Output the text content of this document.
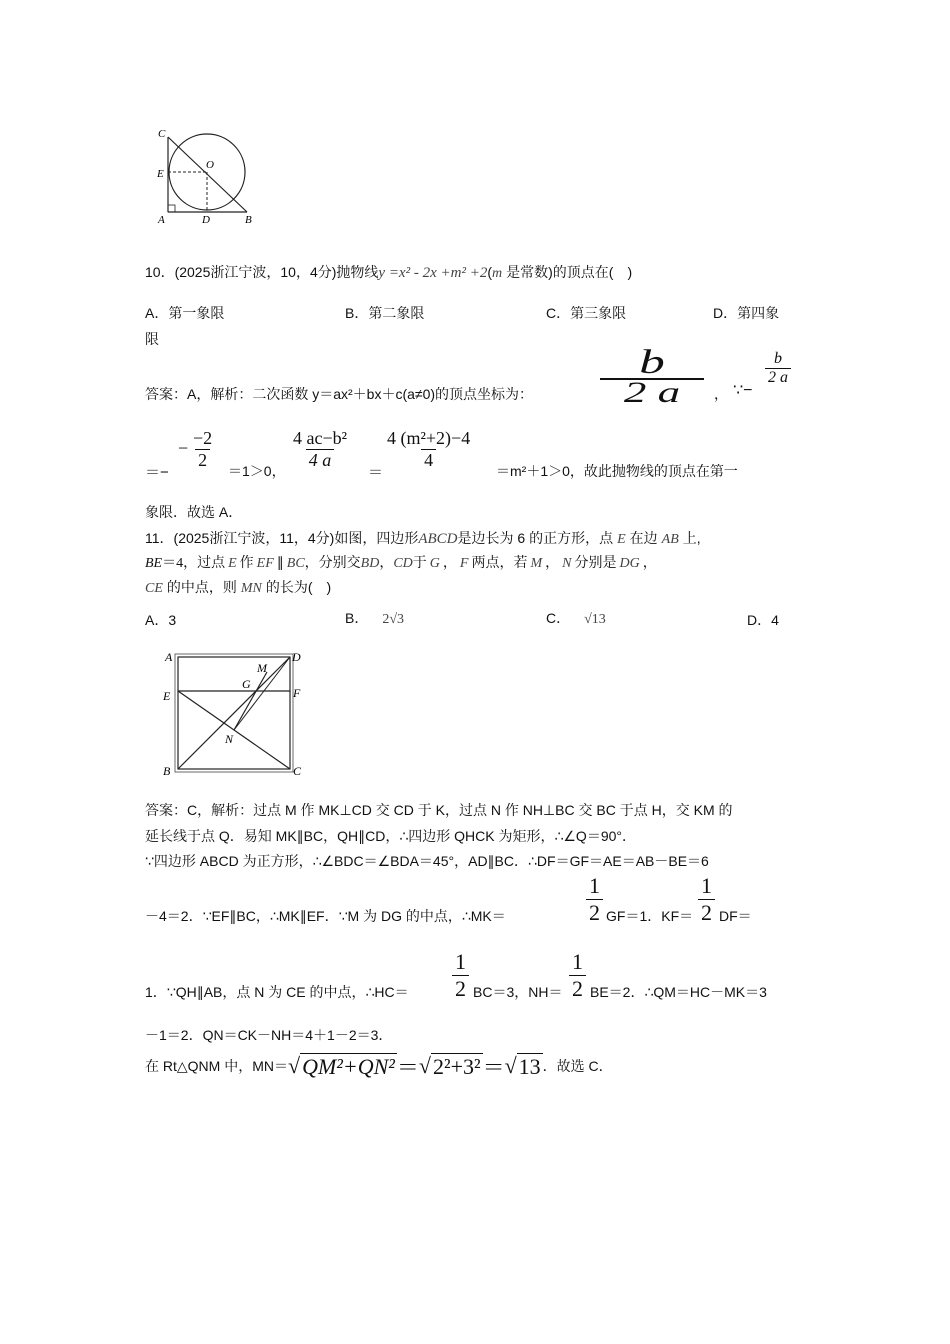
C
O
E
A	D	B
10．(2025浙江宁波，10，4分)抛物线y =x² - 2x +m² +2(m 是常数)的顶点在(　)
A．第一象限	B．第二象限	C．第三象限	D．第四象
限
答案：A，解析：二次函数 y＝ax²＋bx＋c(a≠0)的顶点坐标为：
b
2 a	， ∵−
$\frac{b}{2 a}$
＝−
− $\frac{-2}{2} =1>0$， $\frac{\text{4 ac−b²}}{4 a}$
＝
$\frac{\text{4 (m²+2)−4}}{4} =m^2+1>0$，故此抛物线的顶点在第一
象限．故选 A．
11．(2025浙江宁波，11，4分)如图，四边形ABCD是边长为 6 的正方形，点 E 在边 AB 上,
BE＝4，过点 E 作 EF ∥ BC，分别交BD，CD于 G ， F 两点，若 M ， N 分别是 DG ，
CE 的中点，则 MN 的长为(　)
A．3	B． 2√3	C． √13	D．4
A	D
M
G
E	F
N
B	C
答案：C，解析：过点 M 作 MK⊥CD 交 CD 于 K，过点 N 作 NH⊥BC 交 BC 于点 H，交 KM 的
延长线于点 Q．易知 MK∥BC，QH∥CD，∴四边形 QHCK 为矩形，∴∠Q＝90°．
∵四边形 ABCD 为正方形，∴∠BDC＝∠BDA＝45°，AD∥BC．∴DF＝GF＝AE＝AB－BE＝6
－4＝2．∵EF∥BC，∴MK∥EF．∵M 为 DG 的中点，∴MK＝	$\frac{1}{2} GF=1$．$KF= \frac{1}{2} DF=$
1．∵QH∥AB，点 N 为 CE 的中点，∴HC＝ $\frac{1}{2} BC=3$，$NH= \frac{1}{2} BE=2$．∴QM＝HC－MK＝3
－1＝2．QN＝CK－NH＝4＋1－2＝3．
在 Rt△QNM 中，MN＝ √ QM²+QN² ＝ √ 2²+3² ＝ √ 13 ．故选 C．
